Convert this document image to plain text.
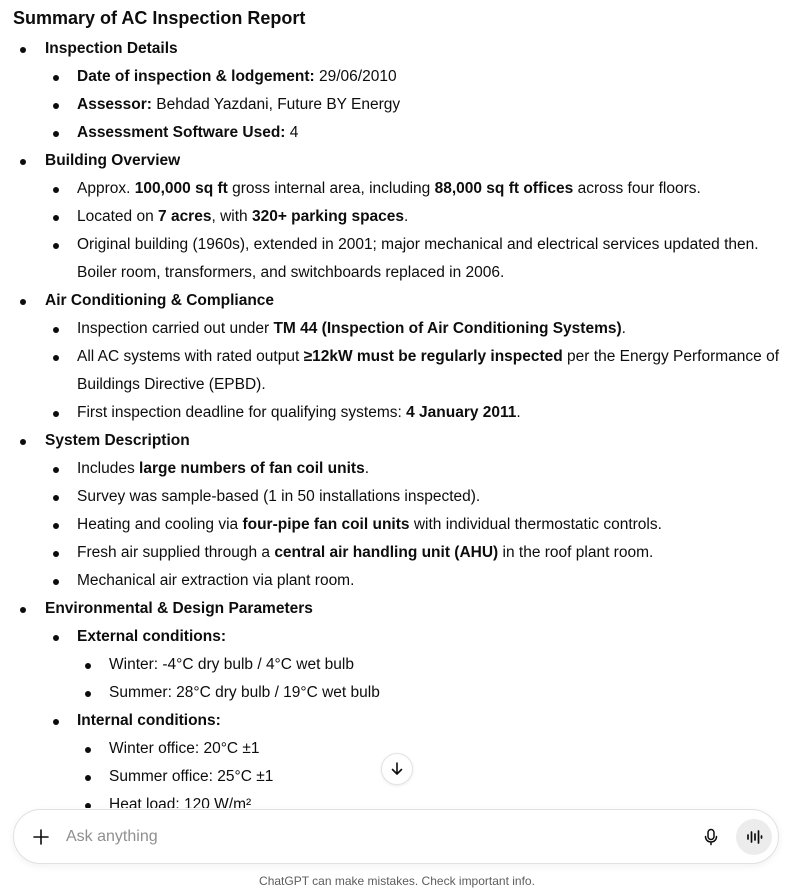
Summary of AC Inspection Report
Inspection Details
Date of inspection & lodgement: 29/06/2010
Assessor: Behdad Yazdani, Future BY Energy
Assessment Software Used: 4
Building Overview
Approx. 100,000 sq ft gross internal area, including 88,000 sq ft offices across four floors.
Located on 7 acres, with 320+ parking spaces.
Original building (1960s), extended in 2001; major mechanical and electrical services updated then. Boiler room, transformers, and switchboards replaced in 2006.
Air Conditioning & Compliance
Inspection carried out under TM 44 (Inspection of Air Conditioning Systems).
All AC systems with rated output ≥12kW must be regularly inspected per the Energy Performance of Buildings Directive (EPBD).
First inspection deadline for qualifying systems: 4 January 2011.
System Description
Includes large numbers of fan coil units.
Survey was sample-based (1 in 50 installations inspected).
Heating and cooling via four-pipe fan coil units with individual thermostatic controls.
Fresh air supplied through a central air handling unit (AHU) in the roof plant room.
Mechanical air extraction via plant room.
Environmental & Design Parameters
External conditions:
Winter: -4°C dry bulb / 4°C wet bulb
Summer: 28°C dry bulb / 19°C wet bulb
Internal conditions:
Winter office: 20°C ±1
Summer office: 25°C ±1
Heat load: 120 W/m²
Ask anything
ChatGPT can make mistakes. Check important info.
